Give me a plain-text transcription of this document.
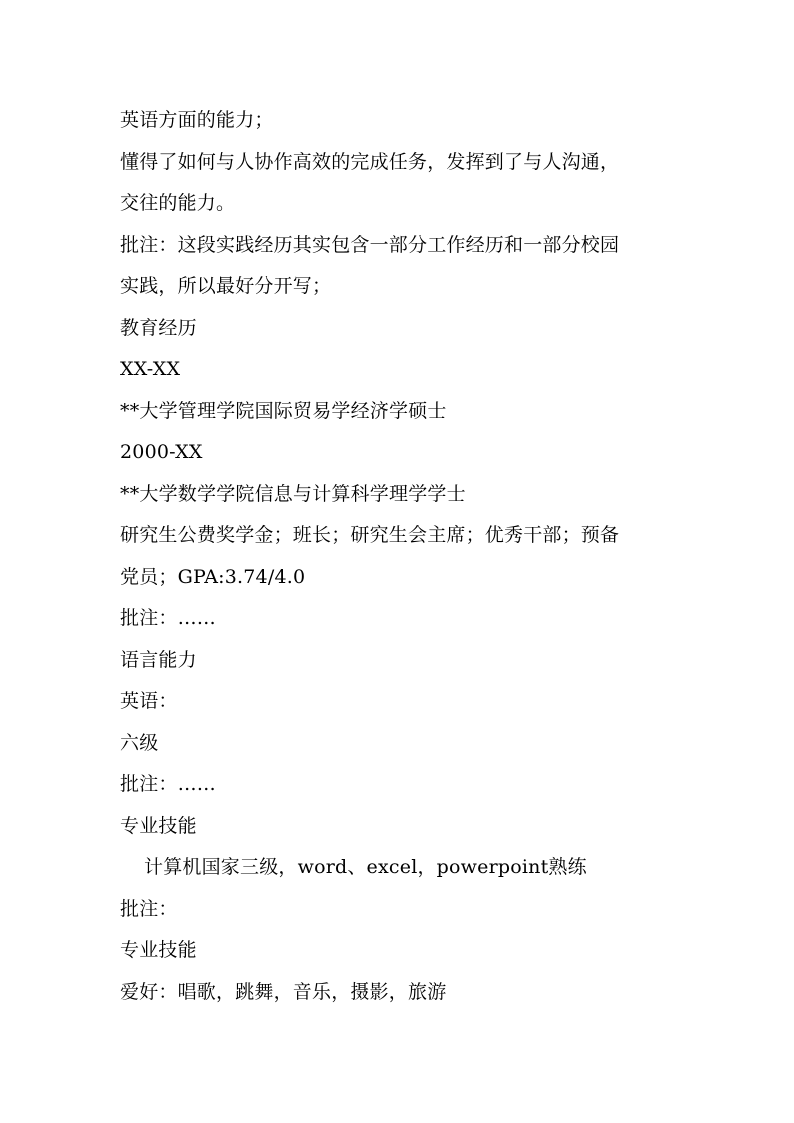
英语方面的能力；
懂得了如何与人协作高效的完成任务，发挥到了与人沟通，
交往的能力。
批注：这段实践经历其实包含一部分工作经历和一部分校园
实践，所以最好分开写；
教育经历
XX-XX
**大学管理学院国际贸易学经济学硕士
2000-XX
**大学数学学院信息与计算科学理学学士
研究生公费奖学金；班长；研究生会主席；优秀干部；预备
党员；GPA:3.74/4.0
批注：……
语言能力
英语：
六级
批注：……
专业技能
计算机国家三级，word、excel，powerpoint熟练
批注：
专业技能
爱好：唱歌，跳舞，音乐，摄影，旅游
